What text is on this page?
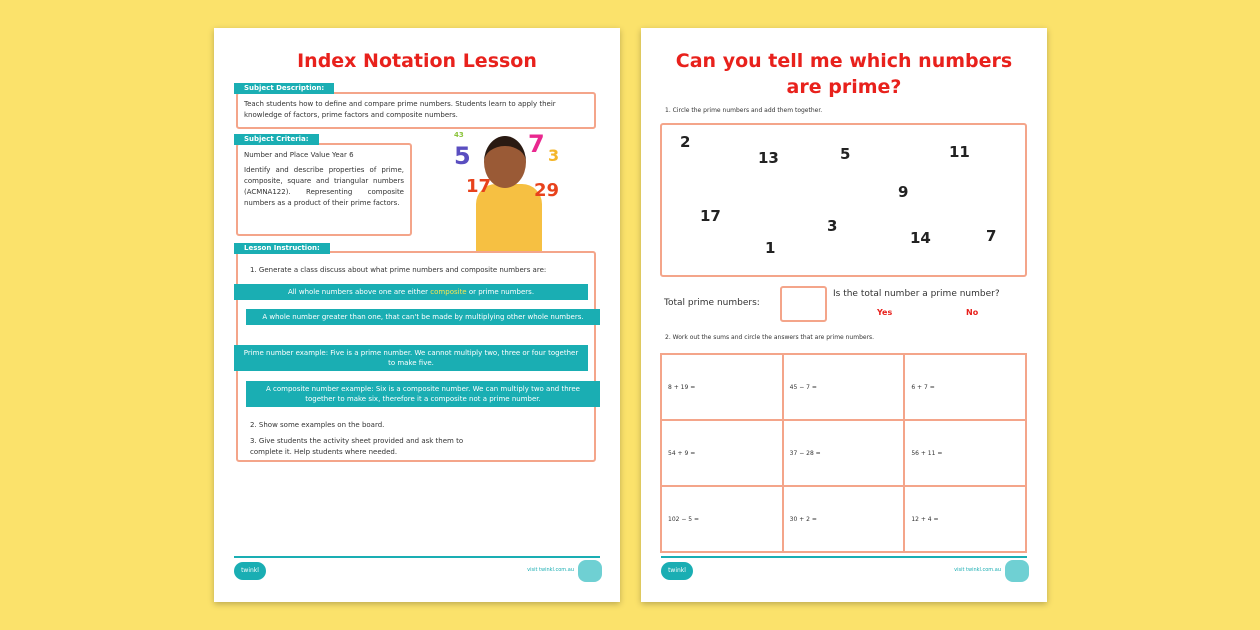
Index Notation Lesson
Teach students how to define and compare prime numbers. Students learn to apply their knowledge of factors, prime factors and composite numbers.
Subject Description:
Number and Place Value Year 6
Identify and describe properties of prime, composite, square and triangular numbers (ACMNA122). Representing composite numbers as a product of their prime factors.
Subject Criteria:	43
5 7 3
17 29
Lesson Instruction:
1. Generate a class discuss about what prime numbers and composite numbers are:
All whole numbers above one are either composite or prime numbers.
A whole number greater than one, that can't be made by multiplying other whole numbers.
Prime number example: Five is a prime number. We cannot multiply two, three or four together to make five.
A composite number example: Six is a composite number. We can multiply two and three together to make six, therefore it a composite not a prime number.
2. Show some examples on the board.
3. Give students the activity sheet provided and ask them to complete it. Help students where needed.
twinkl	visit twinkl.com.au
Can you tell me which numbers
are prime?
1. Circle the prime numbers and add them together.
2
13	5	11
9
17
3
14	7
1
Total prime numbers:
Is the total number a prime number?
Yes	No
2. Work out the sums and circle the answers that are prime numbers.
8 + 19 =	45 − 7 =	6 + 7 =
54 + 9 =	37 − 28 =	56 + 11 =
102 − 5 =	30 + 2 =	12 + 4 =
twinkl	visit twinkl.com.au
